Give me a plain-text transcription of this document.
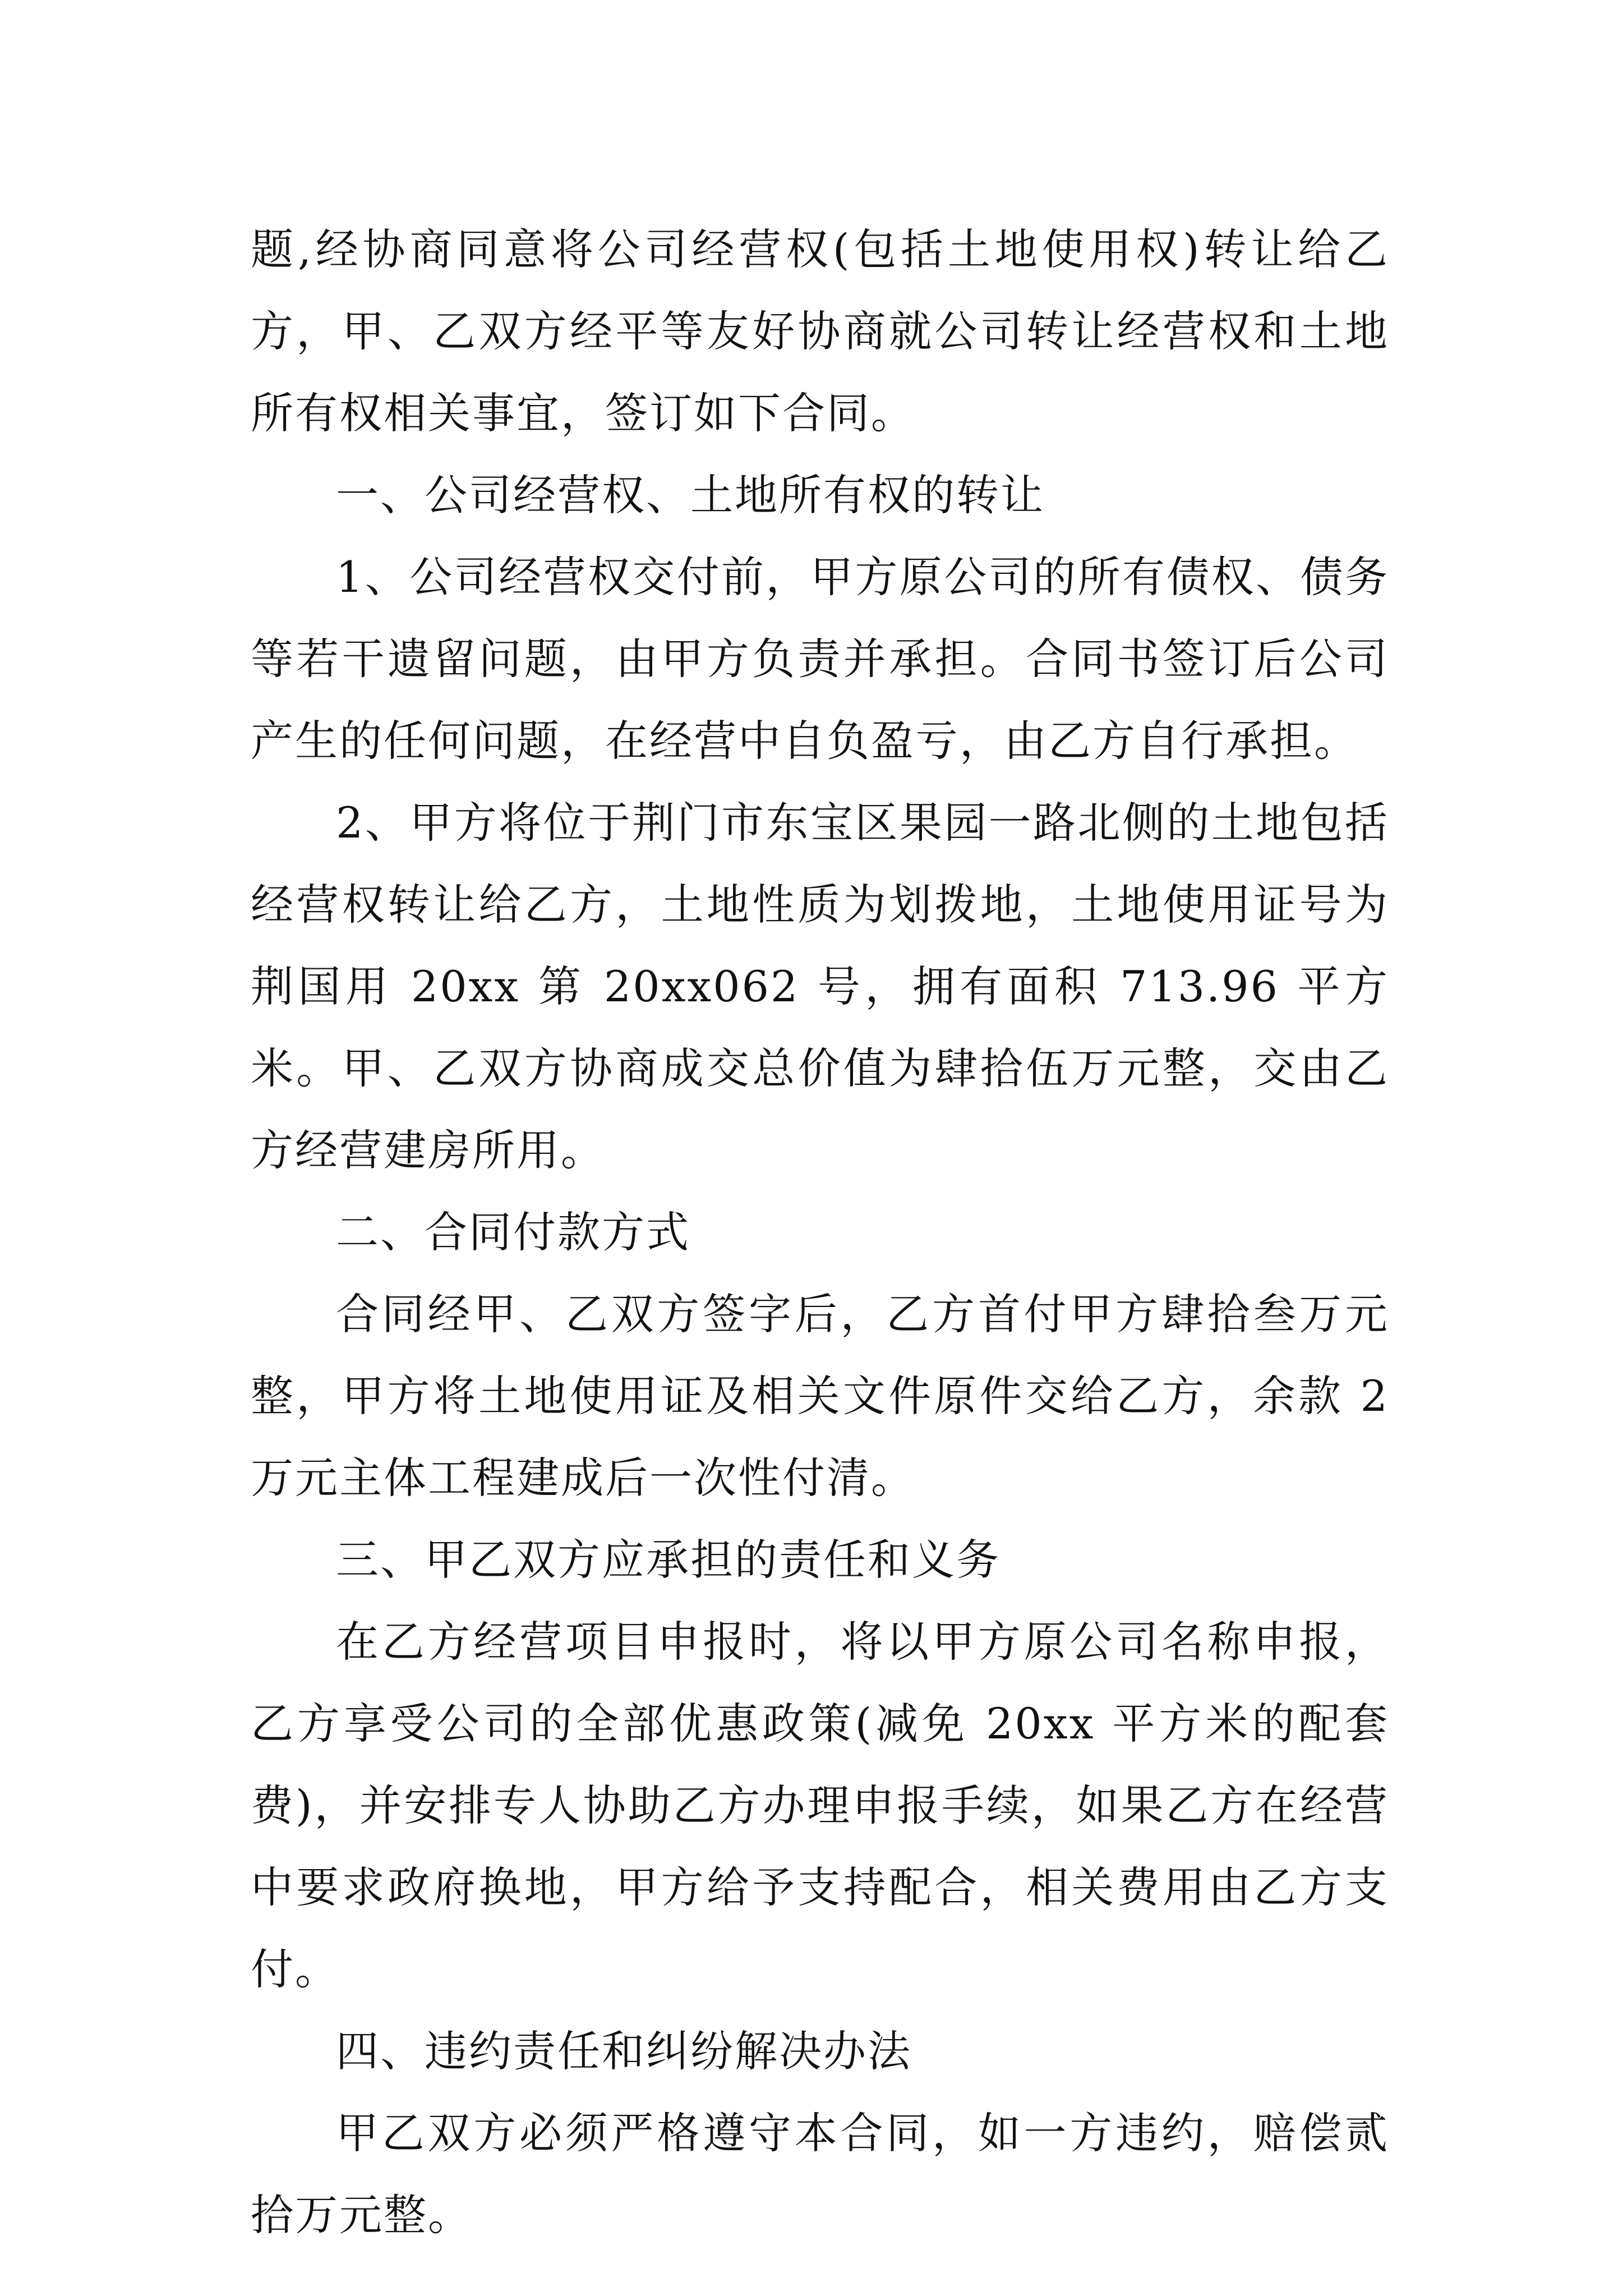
题,经协商同意将公司经营权(包括土地使用权)转让给乙方，甲、乙双方经平等友好协商就公司转让经营权和土地所有权相关事宜，签订如下合同。

一、公司经营权、土地所有权的转让

1、公司经营权交付前，甲方原公司的所有债权、债务等若干遗留问题，由甲方负责并承担。合同书签订后公司产生的任何问题，在经营中自负盈亏，由乙方自行承担。

2、甲方将位于荆门市东宝区果园一路北侧的土地包括经营权转让给乙方，土地性质为划拨地，土地使用证号为荆国用 20xx 第 20xx062 号，拥有面积 713.96 平方米。甲、乙双方协商成交总价值为肆拾伍万元整，交由乙方经营建房所用。

二、合同付款方式

合同经甲、乙双方签字后，乙方首付甲方肆拾叁万元整，甲方将土地使用证及相关文件原件交给乙方，余款 2 万元主体工程建成后一次性付清。

三、甲乙双方应承担的责任和义务

在乙方经营项目申报时，将以甲方原公司名称申报，乙方享受公司的全部优惠政策(减免 20xx 平方米的配套费)，并安排专人协助乙方办理申报手续，如果乙方在经营中要求政府换地，甲方给予支持配合，相关费用由乙方支付。

四、违约责任和纠纷解决办法

甲乙双方必须严格遵守本合同，如一方违约，赔偿贰拾万元整。
